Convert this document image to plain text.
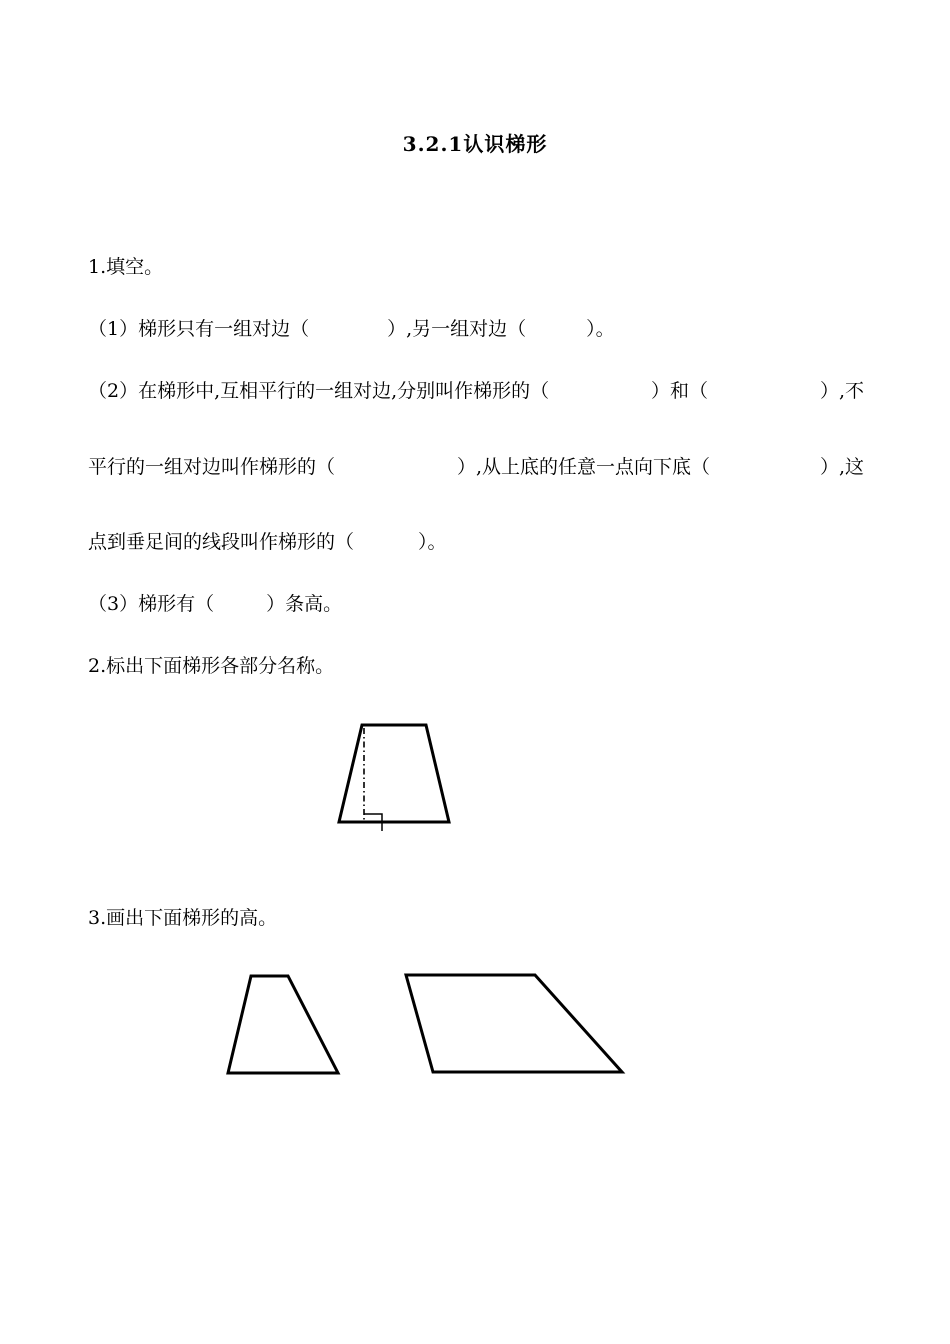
3.2.1认识梯形
1.填空。
（1）梯形只有一组对边（	）,另一组对边（	）。
（2）在梯形中,互相平行的一组对边,分别叫作梯形的（	）和（	）,不
平行的一组对边叫作梯形的（	）,从上底的任意一点向下底（	）,这
点到垂足间的线段叫作梯形的（	）。
（3）梯形有（	）条高。
2.标出下面梯形各部分名称。
3.画出下面梯形的高。
